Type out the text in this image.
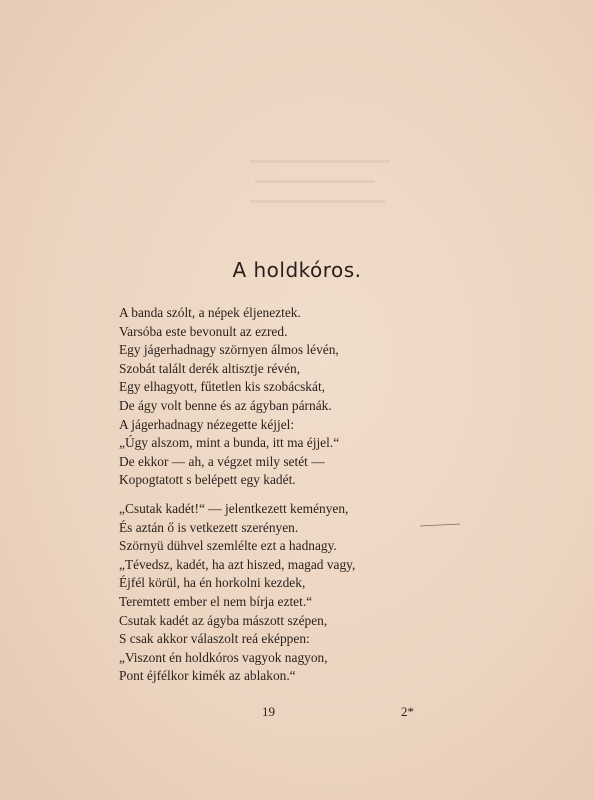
A holdkóros.
A banda szólt, a népek éljeneztek.
Varsóba este bevonult az ezred.
Egy jágerhadnagy szörnyen álmos lévén,
Szobát talált derék altisztje révén,
Egy elhagyott, fűtetlen kis szobácskát,
De ágy volt benne és az ágyban párnák.
A jágerhadnagy nézegette kéjjel:
„Úgy alszom, mint a bunda, itt ma éjjel.“
De ekkor — ah, a végzet mily setét —
Kopogtatott s belépett egy kadét.
„Csutak kadét!“ — jelentkezett keményen,
És aztán ő is vetkezett szerényen.
Szörnyü dühvel szemlélte ezt a hadnagy.
„Tévedsz, kadét, ha azt hiszed, magad vagy,
Éjfél körül, ha én horkolni kezdek,
Teremtett ember el nem bírja eztet.“
Csutak kadét az ágyba mászott szépen,
S csak akkor válaszolt reá eképpen:
„Viszont én holdkóros vagyok nagyon,
Pont éjfélkor kimék az ablakon.“
19	2*
